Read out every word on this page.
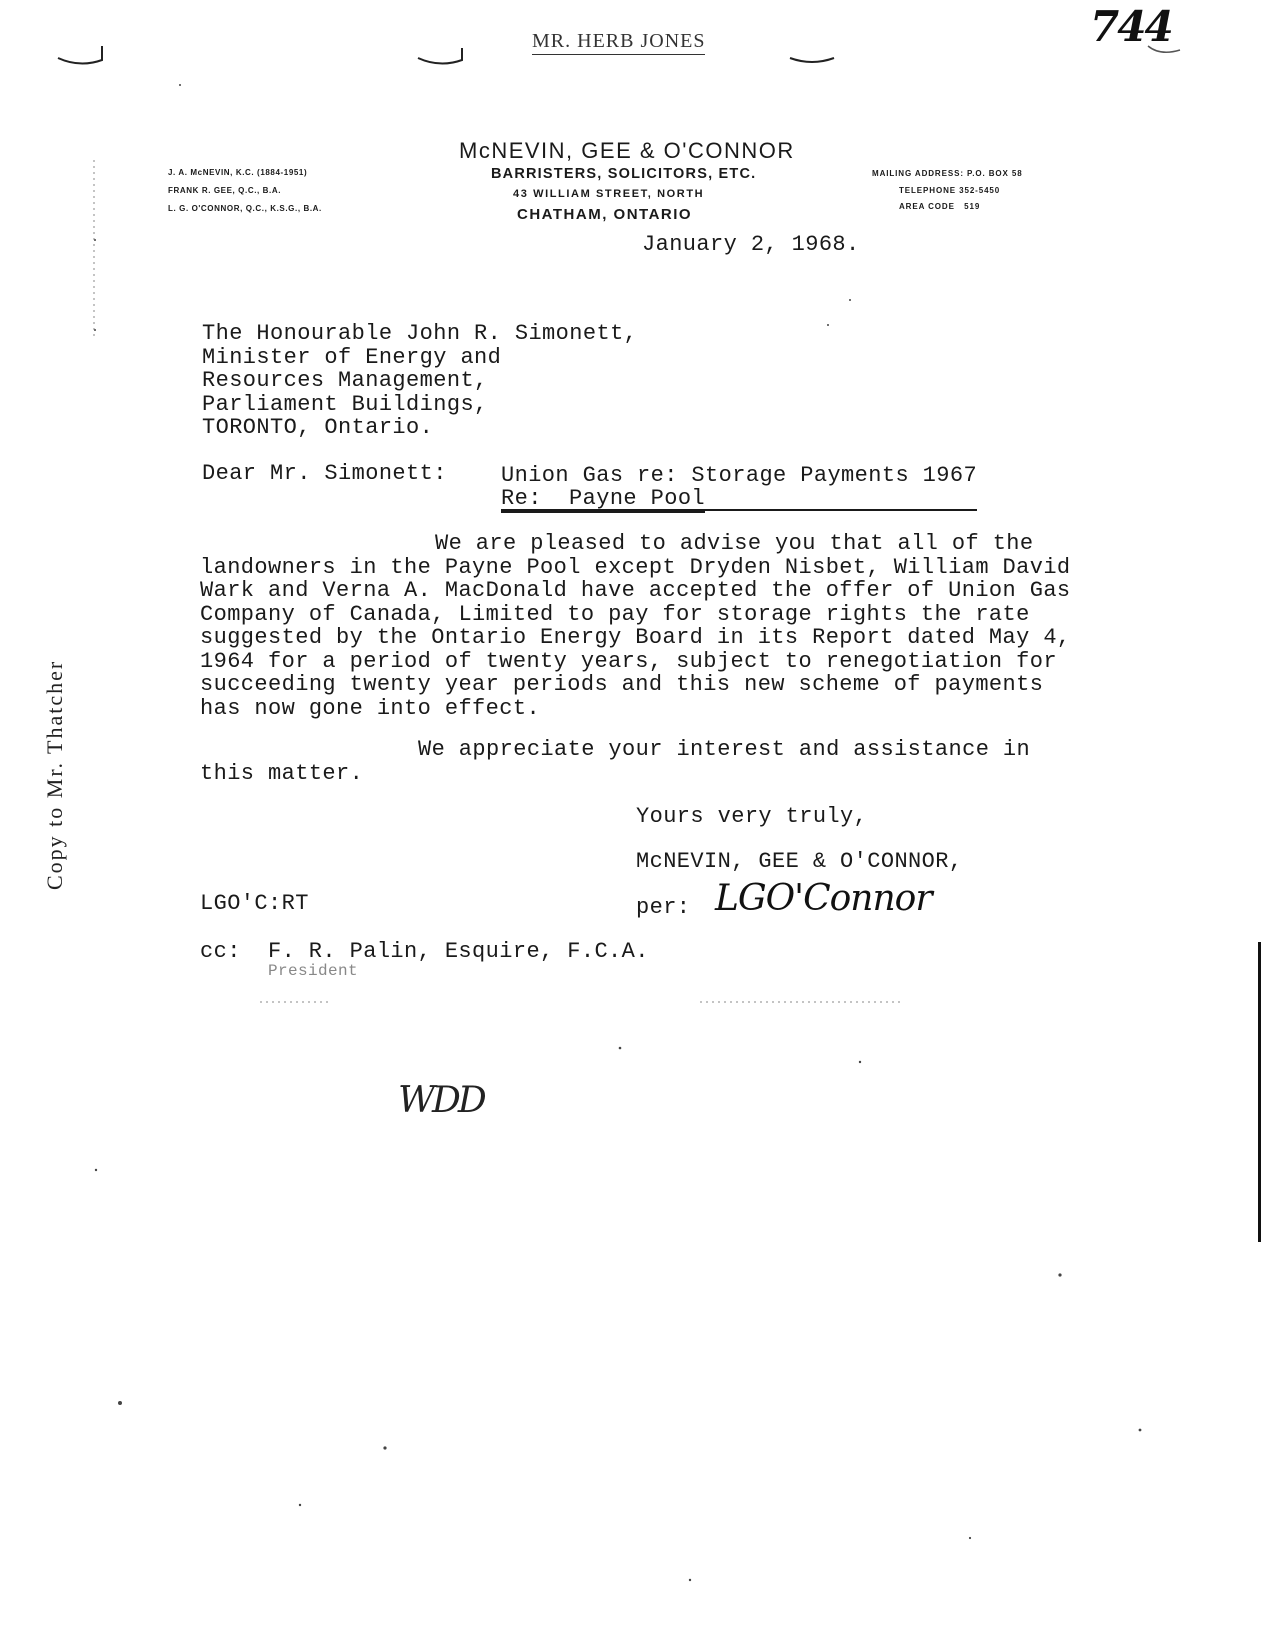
MR. HERB JONES	744
McNEVIN, GEE & O'CONNOR
BARRISTERS, SOLICITORS, ETC.
43 WILLIAM STREET, NORTH
CHATHAM, ONTARIO
J. A. McNEVIN, K.C. (1884-1951)
FRANK R. GEE, Q.C., B.A.
L. G. O'CONNOR, Q.C., K.S.G., B.A.
MAILING ADDRESS: P.O. BOX 58
TELEPHONE 352-5450
AREA CODE   519
January 2, 1968.
The Honourable John R. Simonett,
Minister of Energy and
Resources Management,
Parliament Buildings,
TORONTO, Ontario.
Dear Mr. Simonett: Union Gas re: Storage Payments 1967
Re:  Payne Pool
We are pleased to advise you that all of the
landowners in the Payne Pool except Dryden Nisbet, William David
Wark and Verna A. MacDonald have accepted the offer of Union Gas
Company of Canada, Limited to pay for storage rights the rate
suggested by the Ontario Energy Board in its Report dated May 4,
1964 for a period of twenty years, subject to renegotiation for
succeeding twenty year periods and this new scheme of payments
has now gone into effect.
We appreciate your interest and assistance in
this matter.
Yours very truly,
McNEVIN, GEE & O'CONNOR,
per: LGO'Connor
LGO'C:RT
cc: F. R. Palin, Esquire, F.C.A.
President
Copy to Mr. Thatcher
WDD
